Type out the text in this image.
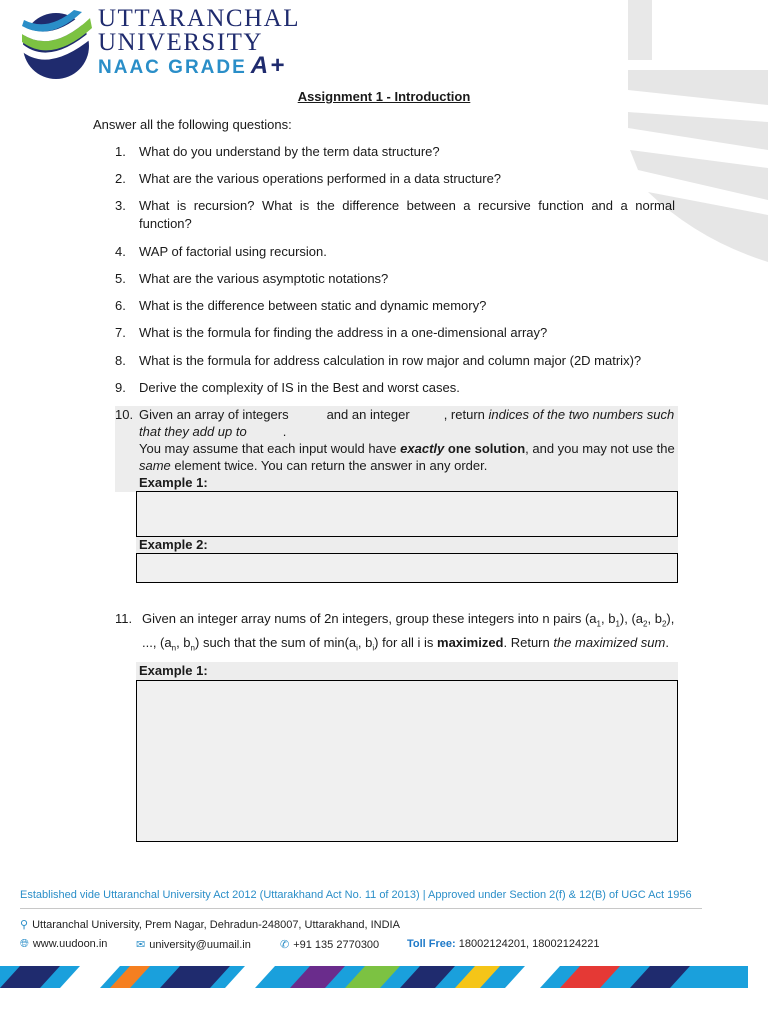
UTTARANCHAL
UNIVERSITY
NAAC GRADE A+
Assignment 1 - Introduction
Answer all the following questions:
1. What do you understand by the term data structure?
2. What are the various operations performed in a data structure?
3. What is recursion? What is the difference between a recursive function and a normal function?
4. WAP of factorial using recursion.
5. What are the various asymptotic notations?
6. What is the difference between static and dynamic memory?
7. What is the formula for finding the address in a one-dimensional array?
8. What is the formula for address calculation in row major and column major (2D matrix)?
9. Derive the complexity of IS in the Best and worst cases.
10. Given an array of integers	and an integer	, return indices of the two numbers such that they add up to	.
You may assume that each input would have exactly one solution, and you may not use the same element twice. You can return the answer in any order.
Example 1:
Example 2:
11. Given an integer array nums of 2n integers, group these integers into n pairs ($a_1$, $b_1$), ($a_2$, $b_2$),
..., ($a_n$, $b_n$) such that the sum of $\min(a_i$, $b_i$) for all i is maximized. Return the maximized sum.
Example 1:
Established vide Uttaranchal University Act 2012 (Uttarakhand Act No. 11 of 2013) | Approved under Section 2(f) & 12(B) of UGC Act 1956
⚲ Uttaranchal University, Prem Nagar, Dehradun-248007, Uttarakhand, INDIA
🌐︎ www.uudoon.in	✉ university@uumail.in	✆ +91 135 2770300	Toll Free: 18002124201, 18002124221
